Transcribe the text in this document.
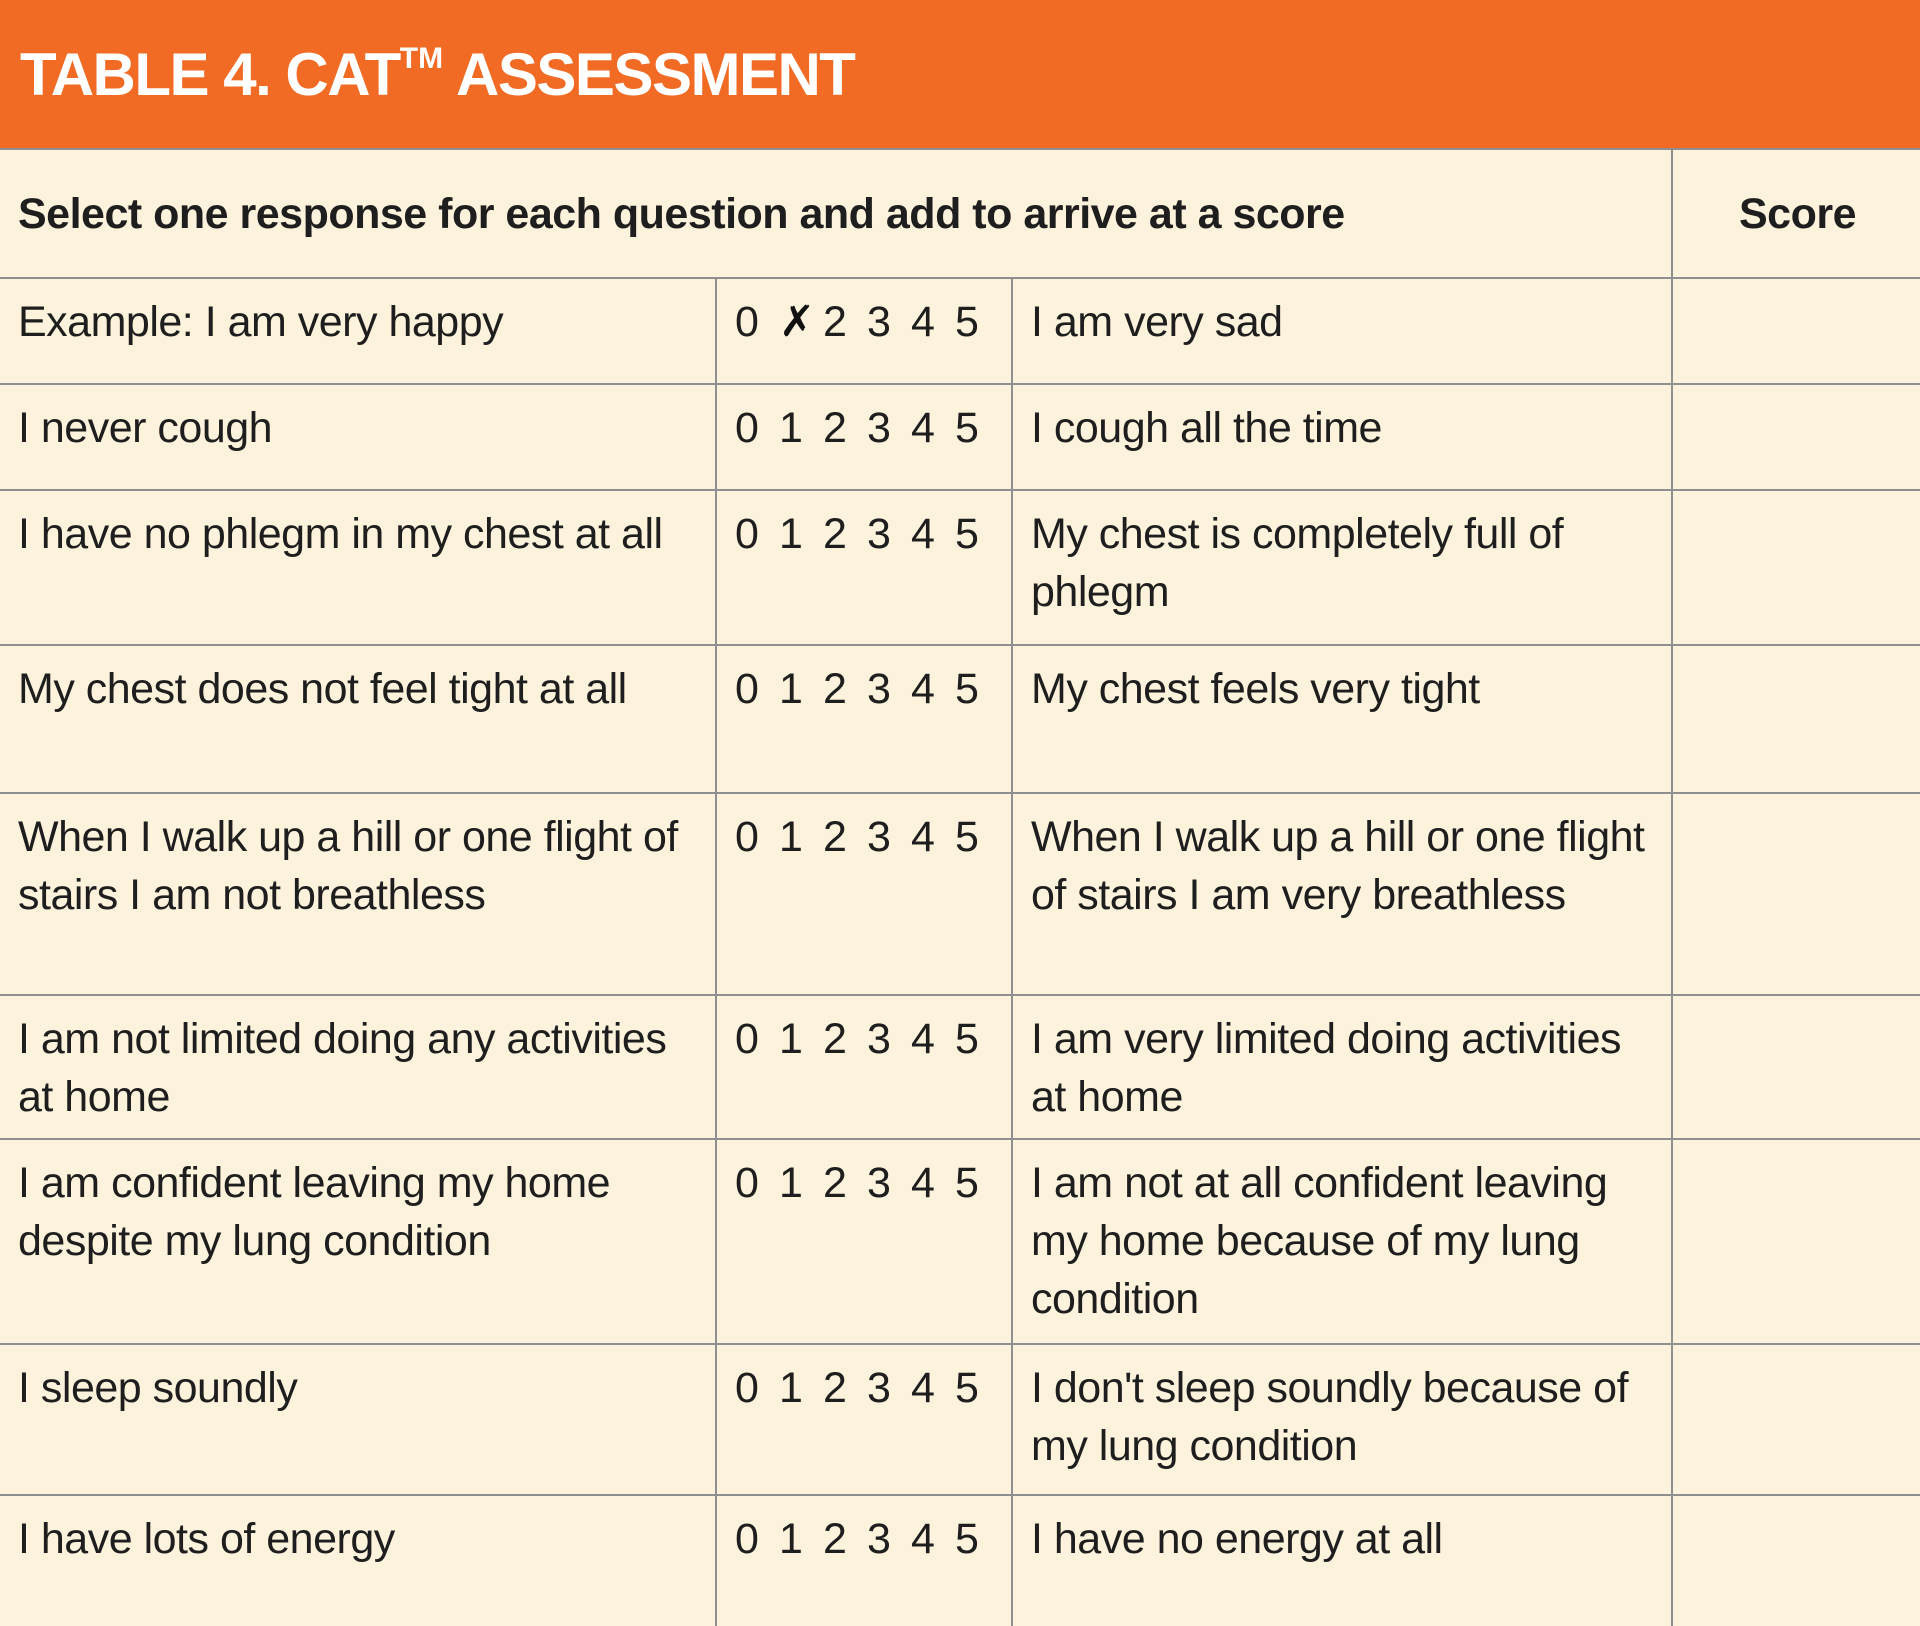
TABLE 4. CAT™ ASSESSMENT
Select one response for each question and add to arrive at a score			Score
Example: I am very happy	0 ✗ 2 3 4 5	I am very sad	
I never cough	0 1 2 3 4 5	I cough all the time	
I have no phlegm in my chest at all	0 1 2 3 4 5	My chest is completely full of phlegm	
My chest does not feel tight at all	0 1 2 3 4 5	My chest feels very tight	
When I walk up a hill or one flight of stairs I am not breathless	0 1 2 3 4 5	When I walk up a hill or one flight of stairs I am very breathless	
I am not limited doing any activities at home	0 1 2 3 4 5	I am very limited doing activities at home	
I am confident leaving my home despite my lung condition	0 1 2 3 4 5	I am not at all confident leaving my home because of my lung condition	
I sleep soundly	0 1 2 3 4 5	I don't sleep soundly because of my lung condition	
I have lots of energy	0 1 2 3 4 5	I have no energy at all	
